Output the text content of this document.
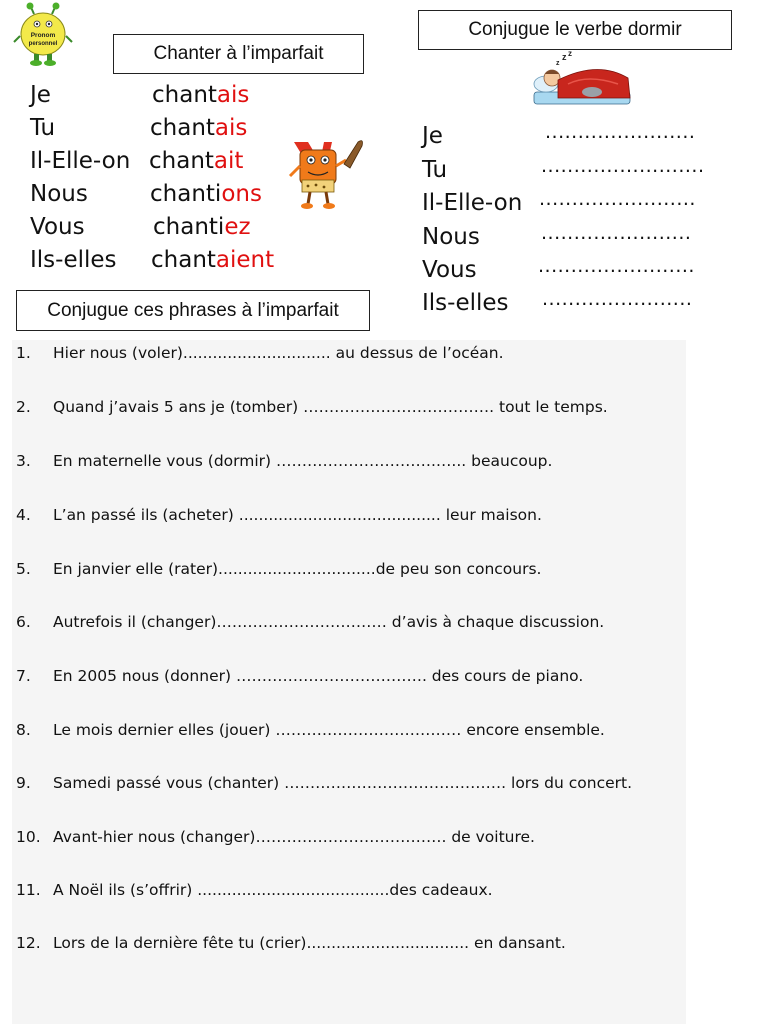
Pronom
personnel	Chanter à l’imparfait
Conjugue le verbe dormir
Conjugue ces phrases à l’imparfait
Je	chantais
Tu	chantais
Il-Elle-on chantait
Nous	chantions
Vous	chantiez
Ils-elles chantaient
z z
z
Je	.......................
Tu	.........................
Il-Elle-on ........................
Nous	.......................
Vous	........................
Ils-elles .......................
1. Hier nous (voler).............................. au dessus de l’océan.
2. Quand j’avais 5 ans je (tomber) ………………………………. tout le temps.
3. En maternelle vous (dormir) ………………………….…... beaucoup.
4. L’an passé ils (acheter) ......................................... leur maison.
5. En janvier elle (rater)................................de peu son concours.
6. Autrefois il (changer)…………………………… d’avis à chaque discussion.
7. En 2005 nous (donner) ………………………………. des cours de piano.
8. Le mois dernier elles (jouer) ……………………………… encore ensemble.
9. Samedi passé vous (chanter) ……………………………………. lors du concert.
10. Avant-hier nous (changer)………………………………. de voiture.
11. A Noël ils (s’offrir) .......................................des cadeaux.
12. Lors de la dernière fête tu (crier)................................. en dansant.
